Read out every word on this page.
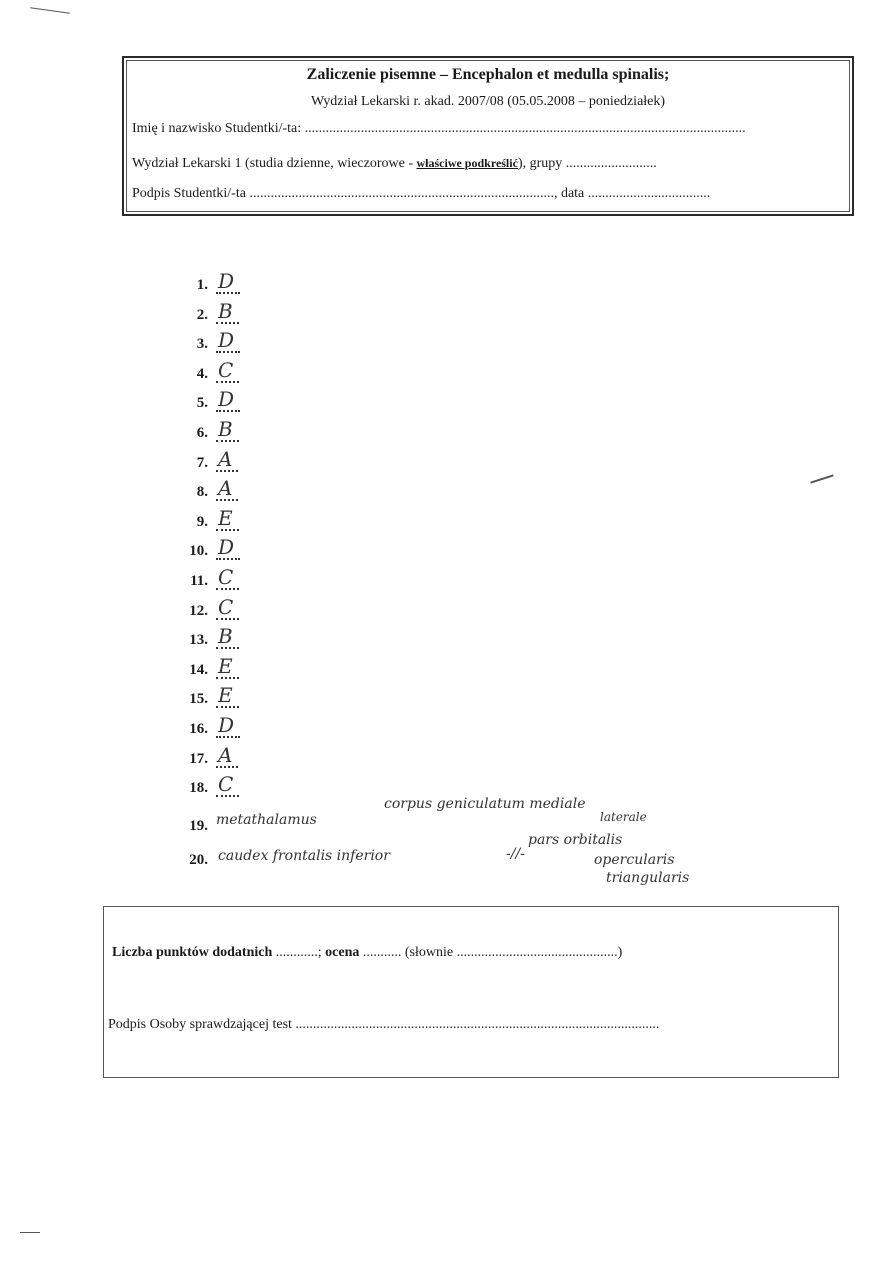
Zaliczenie pisemne – Encephalon et medulla spinalis;
Wydział Lekarski r. akad. 2007/08 (05.05.2008 – poniedziałek)
Imię i nazwisko Studentki/-ta: ..............................................................................................................................
Wydział Lekarski 1 (studia dzienne, wieczorowe - właściwe podkreślić), grupy ..........................
Podpis Studentki/-ta ......................................................................................., data ...................................
1. D
2. B
3. D
4. C
5. D
6. B
7. A
8. A
9. E
10. D
11. C
12. C
13. B
14. E
15. E
16. D
17. A
18. C
19. metathalamus
corpus geniculatum mediale
laterale
20. caudex frontalis inferior	-//-
pars orbitalis
opercularis
triangularis
Liczba punktów dodatnich ............; ocena ........... (słownie ..............................................)
Podpis Osoby sprawdzającej test ........................................................................................................
